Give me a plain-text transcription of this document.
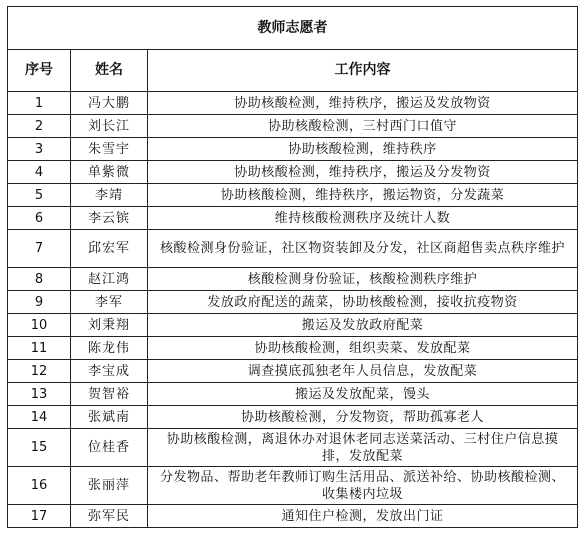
教师志愿者		
序号	姓名	工作内容
1	冯大鹏	协助核酸检测，维持秩序，搬运及发放物资
2	刘长江	协助核酸检测，三村西门口值守
3	朱雪宇	协助核酸检测，维持秩序
4	单紫微	协助核酸检测，维持秩序，搬运及分发物资
5	李靖	协助核酸检测，维持秩序，搬运物资，分发蔬菜
6	李云镔	维持核酸检测秩序及统计人数
7	邱宏军	核酸检测身份验证，社区物资装卸及分发，社区商超售卖点秩序维护
8	赵江鸿	核酸检测身份验证，核酸检测秩序维护
9	李军	发放政府配送的蔬菜，协助核酸检测，接收抗疫物资
10	刘秉翔	搬运及发放政府配菜
11	陈龙伟	协助核酸检测，组织卖菜、发放配菜
12	李宝成	调查摸底孤独老年人员信息，发放配菜
13	贺智裕	搬运及发放配菜，馒头
14	张斌南	协助核酸检测，分发物资，帮助孤寡老人
15	位桂香	协助核酸检测，离退休办对退休老同志送菜活动、三村住户信息摸排，发放配菜
16	张丽萍	分发物品、帮助老年教师订购生活用品、派送补给、协助核酸检测、收集楼内垃圾
17	弥军民	通知住户检测，发放出门证
